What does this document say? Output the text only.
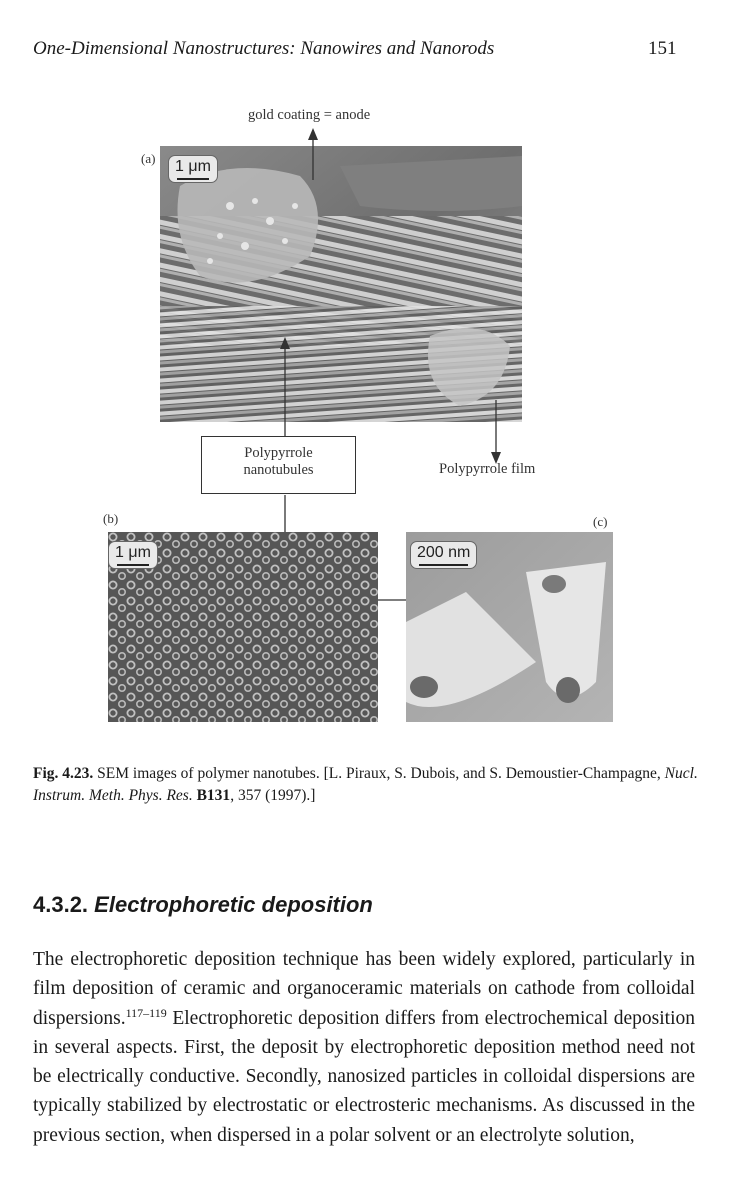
One-Dimensional Nanostructures: Nanowires and Nanorods	151
gold coating = anode
(a)	1 μm
Polypyrrole
nanotubules	Polypyrrole film
(b)	(c)
1 μm	200 nm
Fig. 4.23. SEM images of polymer nanotubes. [L. Piraux, S. Dubois, and S. Demoustier-Champagne, Nucl. Instrum. Meth. Phys. Res. B131, 357 (1997).]
4.3.2. Electrophoretic deposition
The electrophoretic deposition technique has been widely explored, particularly in film deposition of ceramic and organoceramic materials on cathode from colloidal dispersions.$^{117-119}$ Electrophoretic deposition differs from electrochemical deposition in several aspects. First, the deposit by electrophoretic deposition method need not be electrically conductive. Secondly, nanosized particles in colloidal dispersions are typically stabilized by electrostatic or electrosteric mechanisms. As discussed in the previous section, when dispersed in a polar solvent or an electrolyte solution,
